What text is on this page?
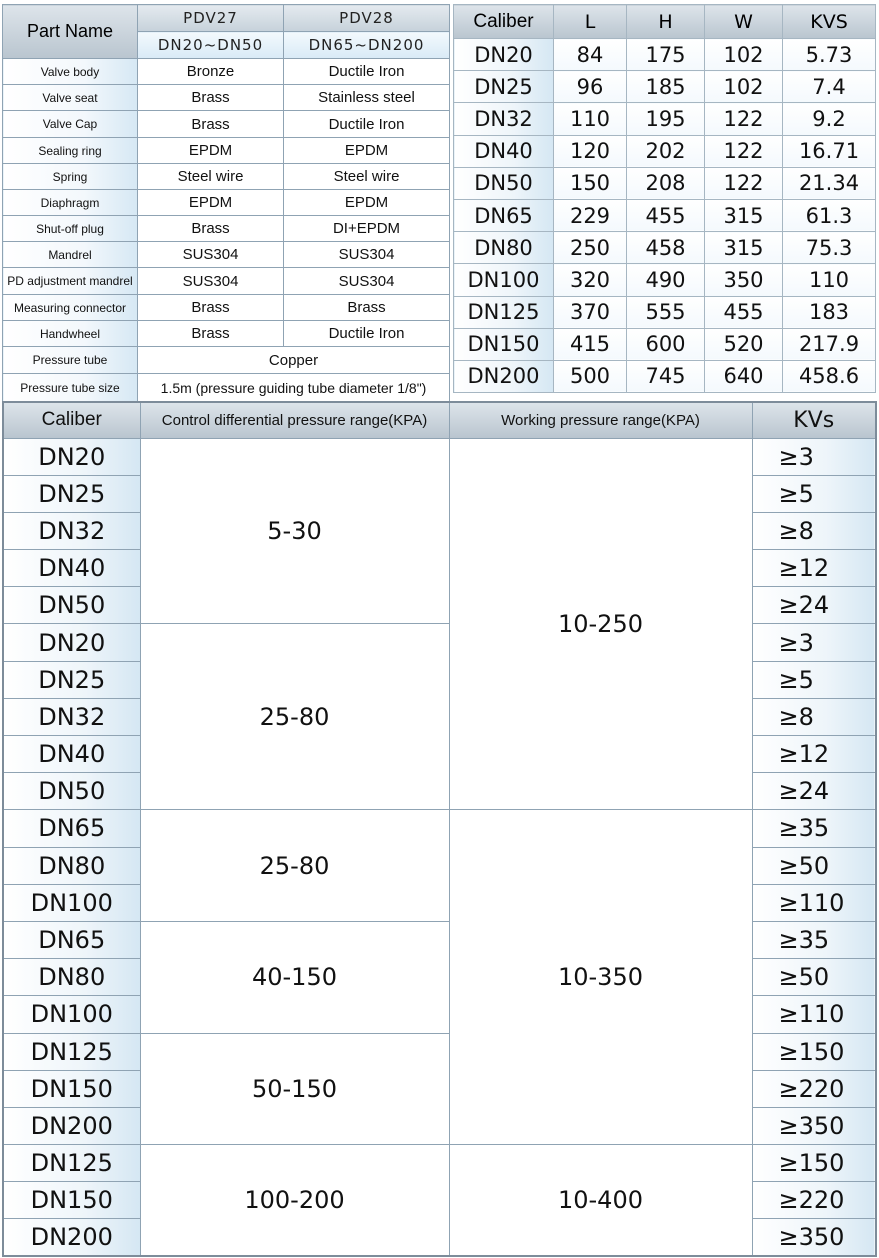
Part Name	PDV27	PDV28
	DN20~DN50	DN65~DN200
Valve body	Bronze	Ductile Iron
Valve seat	Brass	Stainless steel
Valve Cap	Brass	Ductile Iron
Sealing ring	EPDM	EPDM
Spring	Steel wire	Steel wire
Diaphragm	EPDM	EPDM
Shut-off plug	Brass	DI+EPDM
Mandrel	SUS304	SUS304
PD adjustment mandrel	SUS304	SUS304
Measuring connector	Brass	Brass
Handwheel	Brass	Ductile Iron
Pressure tube	Copper	
Pressure tube size	1.5m (pressure guiding tube diameter 1/8")	
Caliber	L	H	W	KVS
DN20	84	175	102	5.73
DN25	96	185	102	7.4
DN32	110	195	122	9.2
DN40	120	202	122	16.71
DN50	150	208	122	21.34
DN65	229	455	315	61.3
DN80	250	458	315	75.3
DN100	320	490	350	110
DN125	370	555	455	183
DN150	415	600	520	217.9
DN200	500	745	640	458.6
Caliber	Control differential pressure range(KPA)	Working pressure range(KPA)	KVs
DN20	5-30	10-250	≥3
DN25			≥5
DN32			≥8
DN40			≥12
DN50			≥24
DN20	25-80		≥3
DN25			≥5
DN32			≥8
DN40			≥12
DN50			≥24
DN65	25-80	10-350	≥35
DN80			≥50
DN100			≥110
DN65	40-150		≥35
DN80			≥50
DN100			≥110
DN125	50-150		≥150
DN150			≥220
DN200			≥350
DN125	100-200	10-400	≥150
DN150			≥220
DN200			≥350
